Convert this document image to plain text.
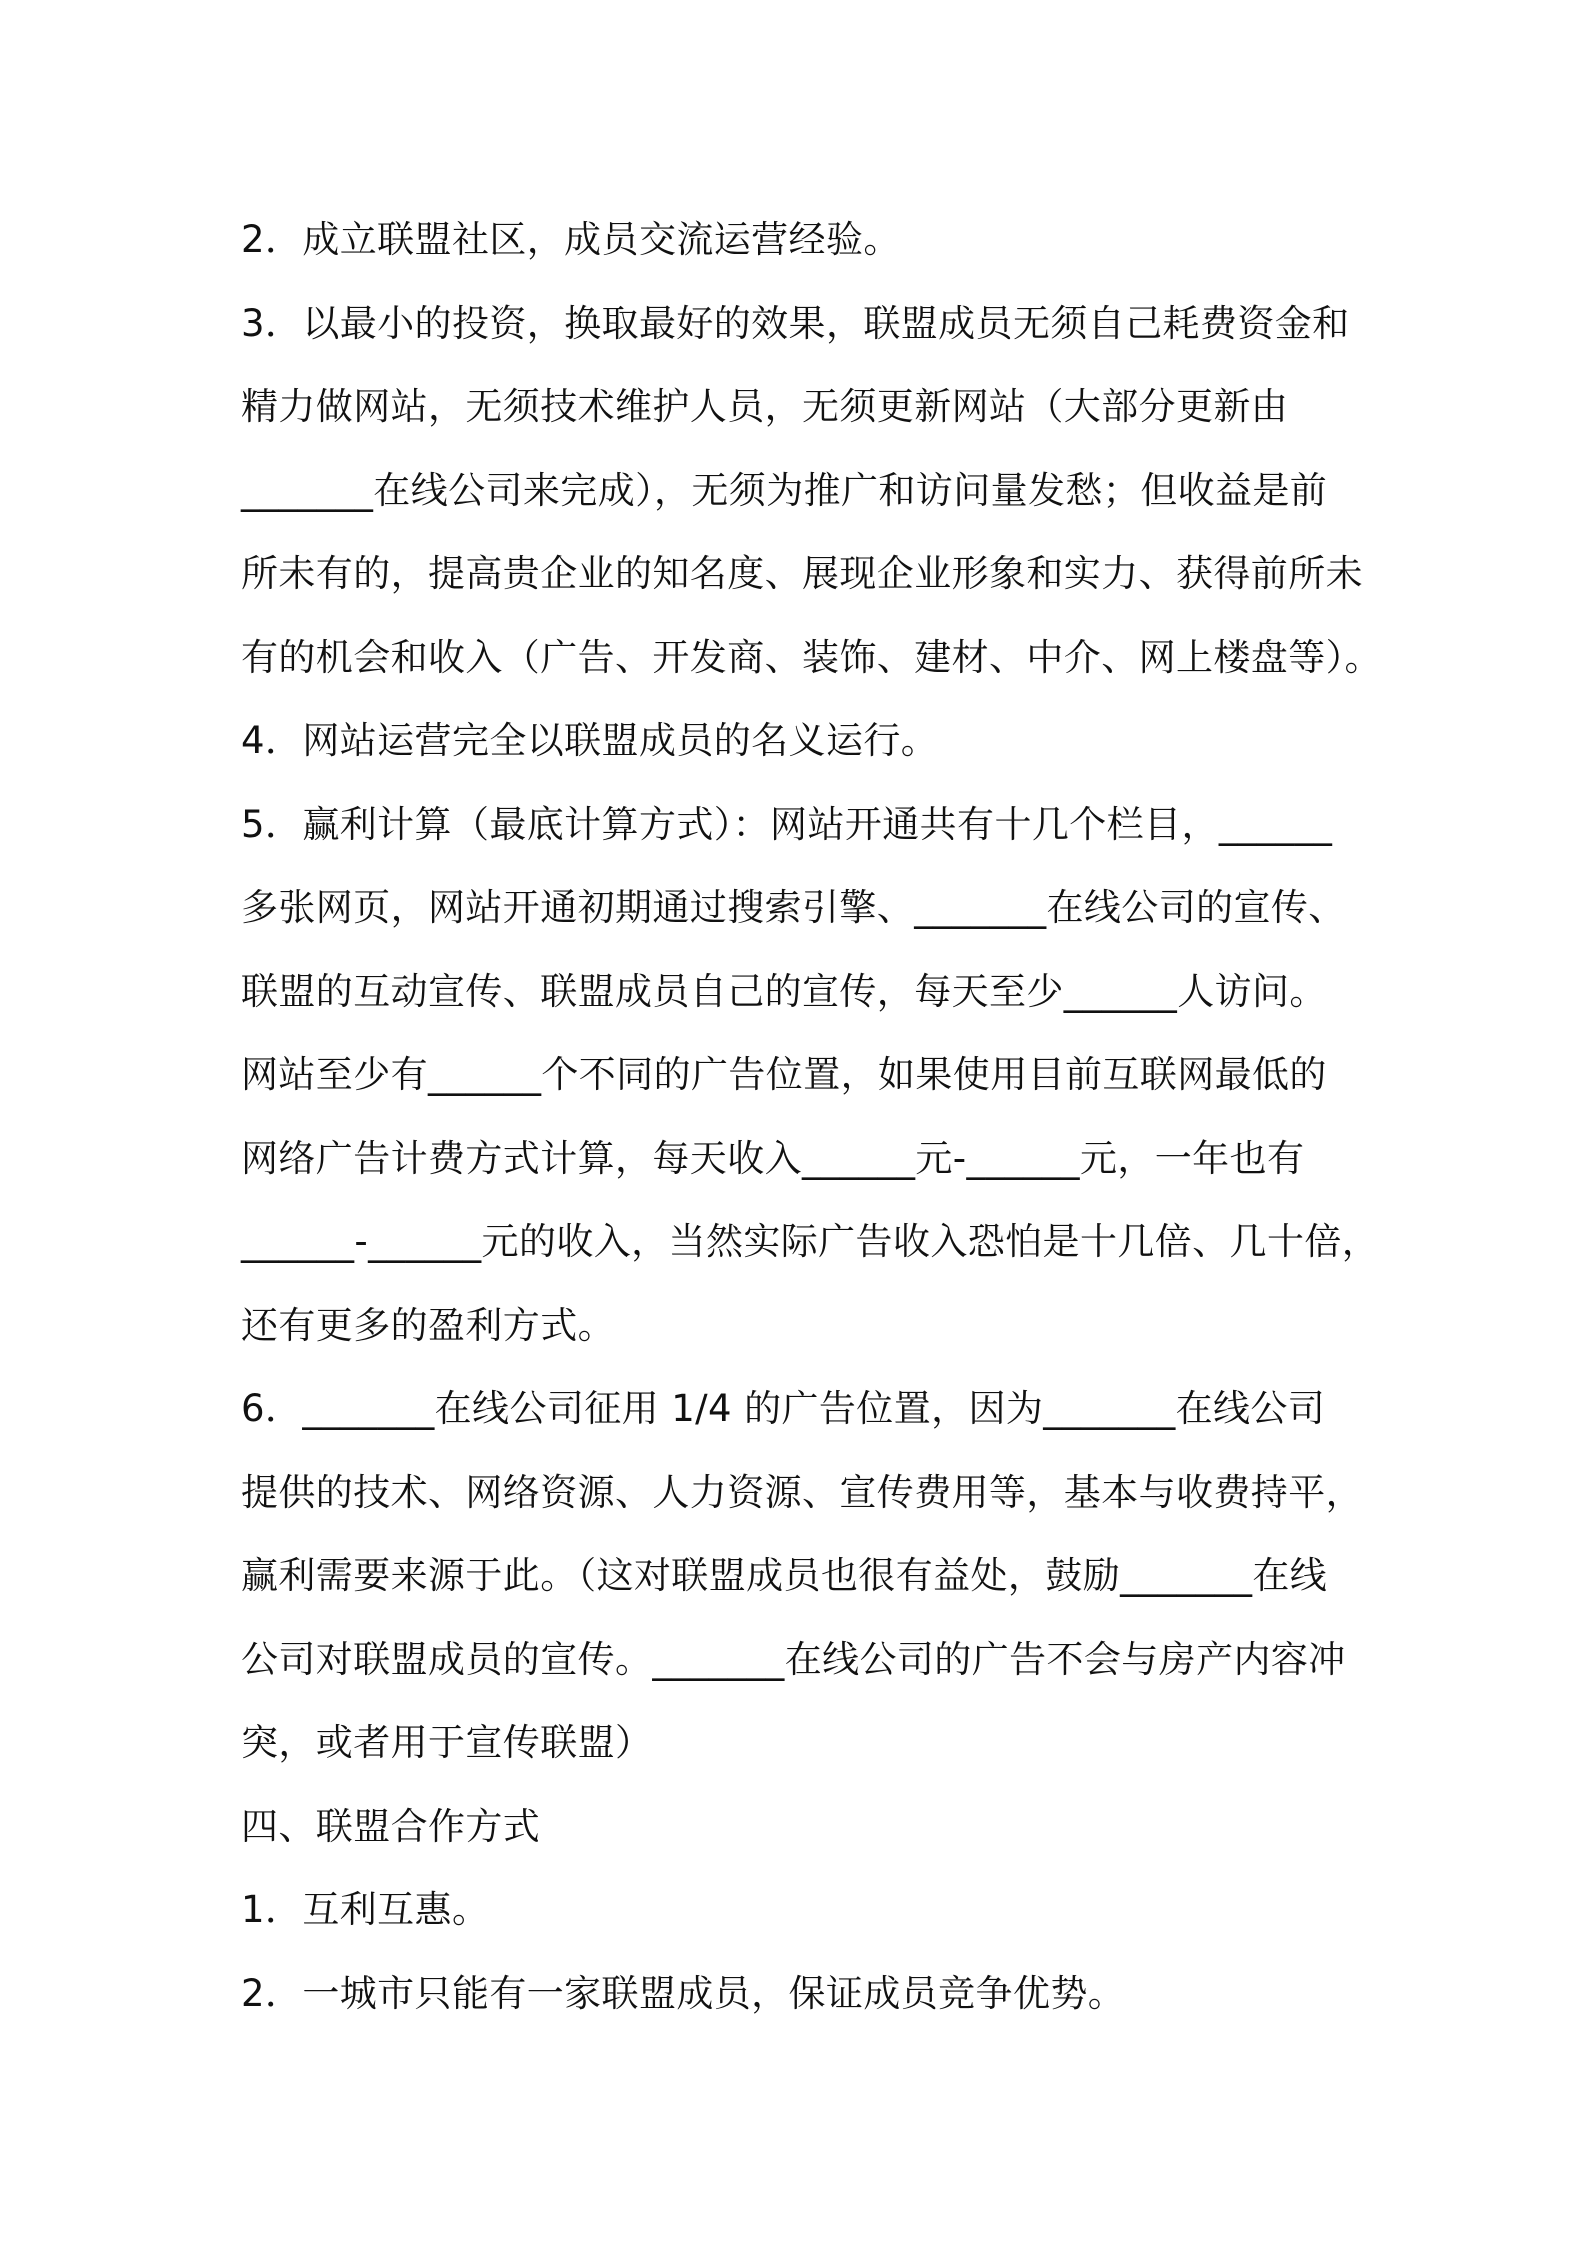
2．成立联盟社区，成员交流运营经验。
3．以最小的投资，换取最好的效果，联盟成员无须自己耗费资金和
精力做网站，无须技术维护人员，无须更新网站（大部分更新由
_______在线公司来完成），无须为推广和访问量发愁；但收益是前
所未有的，提高贵企业的知名度、展现企业形象和实力、获得前所未
有的机会和收入（广告、开发商、装饰、建材、中介、网上楼盘等）。
4．网站运营完全以联盟成员的名义运行。
5．赢利计算（最底计算方式）：网站开通共有十几个栏目，______
多张网页，网站开通初期通过搜索引擎、_______在线公司的宣传、
联盟的互动宣传、联盟成员自己的宣传，每天至少______人访问。
网站至少有______个不同的广告位置，如果使用目前互联网最低的
网络广告计费方式计算，每天收入______元-______元，一年也有
______-______元的收入，当然实际广告收入恐怕是十几倍、几十倍，
还有更多的盈利方式。
6．_______在线公司征用 1/4 的广告位置，因为_______在线公司
提供的技术、网络资源、人力资源、宣传费用等，基本与收费持平，
赢利需要来源于此。（这对联盟成员也很有益处，鼓励_______在线
公司对联盟成员的宣传。_______在线公司的广告不会与房产内容冲
突，或者用于宣传联盟）
四、联盟合作方式
1．互利互惠。
2．一城市只能有一家联盟成员，保证成员竞争优势。
